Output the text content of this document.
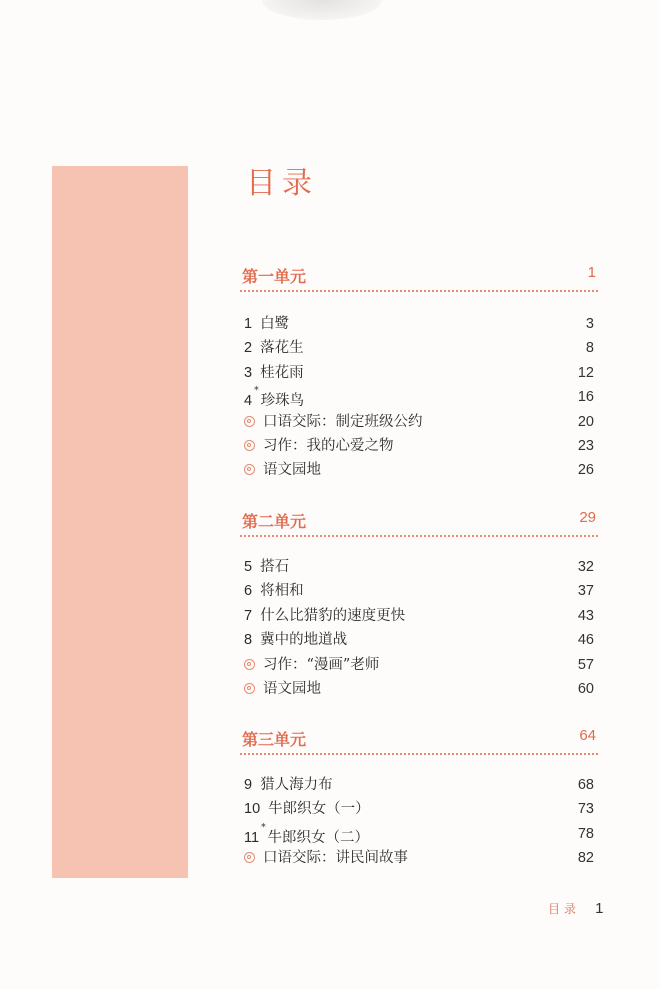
目录
第一单元	1
1 白鹭	3
2 落花生	8
3 桂花雨	12
4*珍珠鸟	16
口语交际：制定班级公约	20
习作：我的心爱之物	23
语文园地	26
第二单元	29
5 搭石	32
6 将相和	37
7 什么比猎豹的速度更快	43
8 冀中的地道战	46
习作：“漫画”老师	57
语文园地	60
第三单元	64
9 猎人海力布	68
10 牛郎织女（一）	73
11*牛郎织女（二）	78
口语交际：讲民间故事	82
目录 1
